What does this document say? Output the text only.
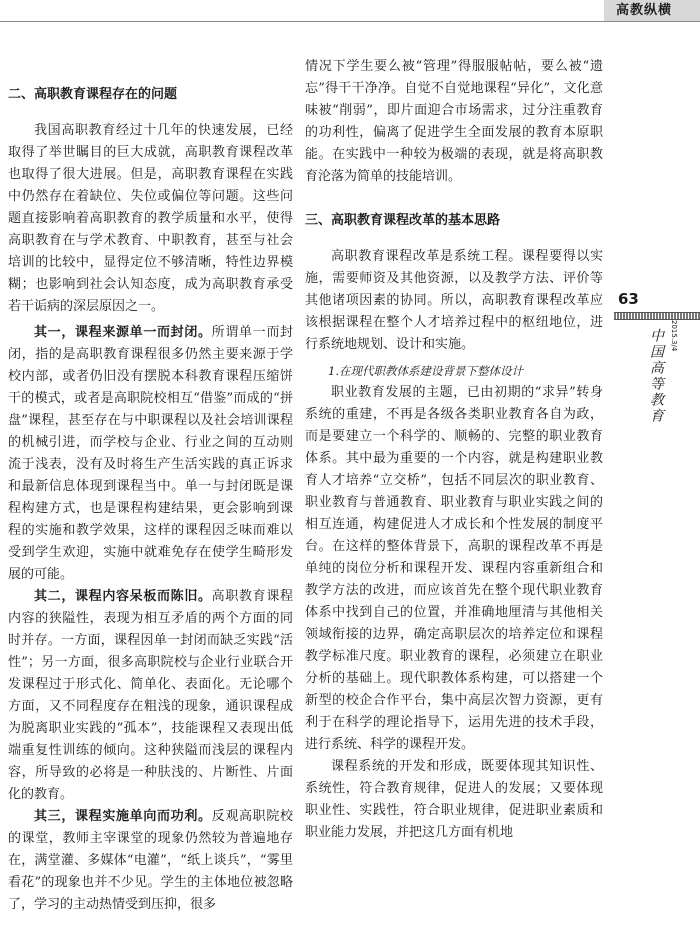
高教纵横

二、高职教育课程存在的问题

我国高职教育经过十几年的快速发展，已经取得了举世瞩目的巨大成就，高职教育课程改革也取得了很大进展。但是，高职教育课程在实践中仍然存在着缺位、失位或偏位等问题。这些问题直接影响着高职教育的教学质量和水平，使得高职教育在与学术教育、中职教育，甚至与社会培训的比较中，显得定位不够清晰，特性边界模糊；也影响到社会认知态度，成为高职教育承受若干诟病的深层原因之一。

其一，课程来源单一而封闭。所谓单一而封闭，指的是高职教育课程很多仍然主要来源于学校内部，或者仍旧没有摆脱本科教育课程压缩饼干的模式，或者是高职院校相互“借鉴”而成的“拼盘”课程，甚至存在与中职课程以及社会培训课程的机械引进，而学校与企业、行业之间的互动则流于浅表，没有及时将生产生活实践的真正诉求和最新信息体现到课程当中。单一与封闭既是课程构建方式，也是课程构建结果，更会影响到课程的实施和教学效果，这样的课程因乏味而难以受到学生欢迎，实施中就难免存在使学生畸形发展的可能。

其二，课程内容呆板而陈旧。高职教育课程内容的狭隘性，表现为相互矛盾的两个方面的同时并存。一方面，课程因单一封闭而缺乏实践“活性”；另一方面，很多高职院校与企业行业联合开发课程过于形式化、简单化、表面化。无论哪个方面，又不同程度存在粗浅的现象，通识课程成为脱离职业实践的“孤本”，技能课程又表现出低端重复性训练的倾向。这种狭隘而浅层的课程内容，所导致的必将是一种肤浅的、片断性、片面化的教育。

其三，课程实施单向而功利。反观高职院校的课堂，教师主宰课堂的现象仍然较为普遍地存在，满堂灌、多媒体“电灌”，“纸上谈兵”，“雾里看花”的现象也并不少见。学生的主体地位被忽略了，学习的主动热情受到压抑，很多

情况下学生要么被“管理”得服服帖帖，要么被“遗忘”得干干净净。自觉不自觉地课程“异化”，文化意味被“削弱”，即片面迎合市场需求，过分注重教育的功利性，偏离了促进学生全面发展的教育本原职能。在实践中一种较为极端的表现，就是将高职教育沦落为简单的技能培训。

三、高职教育课程改革的基本思路

高职教育课程改革是系统工程。课程要得以实施，需要师资及其他资源，以及教学方法、评价等其他诸项因素的协同。所以，高职教育课程改革应该根据课程在整个人才培养过程中的枢纽地位，进行系统地规划、设计和实施。

1.在现代职教体系建设背景下整体设计

职业教育发展的主题，已由初期的“求异”转身系统的重建，不再是各级各类职业教育各自为政，而是要建立一个科学的、顺畅的、完整的职业教育体系。其中最为重要的一个内容，就是构建职业教育人才培养“立交桥”，包括不同层次的职业教育、职业教育与普通教育、职业教育与职业实践之间的相互连通，构建促进人才成长和个性发展的制度平台。在这样的整体背景下，高职的课程改革不再是单纯的岗位分析和课程开发、课程内容重新组合和教学方法的改进，而应该首先在整个现代职业教育体系中找到自己的位置，并准确地厘清与其他相关领域衔接的边界，确定高职层次的培养定位和课程教学标准尺度。职业教育的课程，必须建立在职业分析的基础上。现代职教体系构建，可以搭建一个新型的校企合作平台，集中高层次智力资源，更有利于在科学的理论指导下，运用先进的技术手段，进行系统、科学的课程开发。

课程系统的开发和形成，既要体现其知识性、系统性，符合教育规律，促进人的发展；又要体现职业性、实践性，符合职业规律，促进职业素质和职业能力发展，并把这几方面有机地

63
中国高等教育 2015.3/4
